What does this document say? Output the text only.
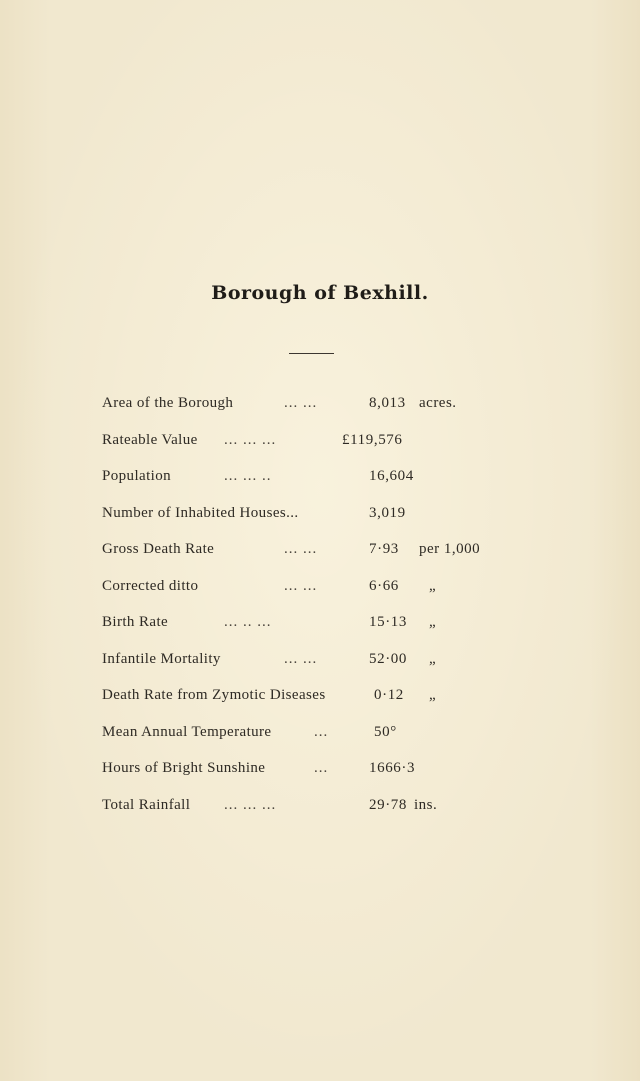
Borough of Bexhill.
Area of the Borough	... ...	8,013 acres.
Rateable Value ... ... ...	£119,576
Population	... ... ..	16,604
Number of Inhabited Houses...	3,019
Gross Death Rate	... ...	7·93 per 1,000
Corrected ditto	... ...	6·66 „
Birth Rate	... .. ...	15·13 „
Infantile Mortality	... ...	52·00 „
Death Rate from Zymotic Diseases	0·12 „
Mean Annual Temperature	...	50°
Hours of Bright Sunshine	...	1666·3
Total Rainfall ... ... ...	29·78 ins.
